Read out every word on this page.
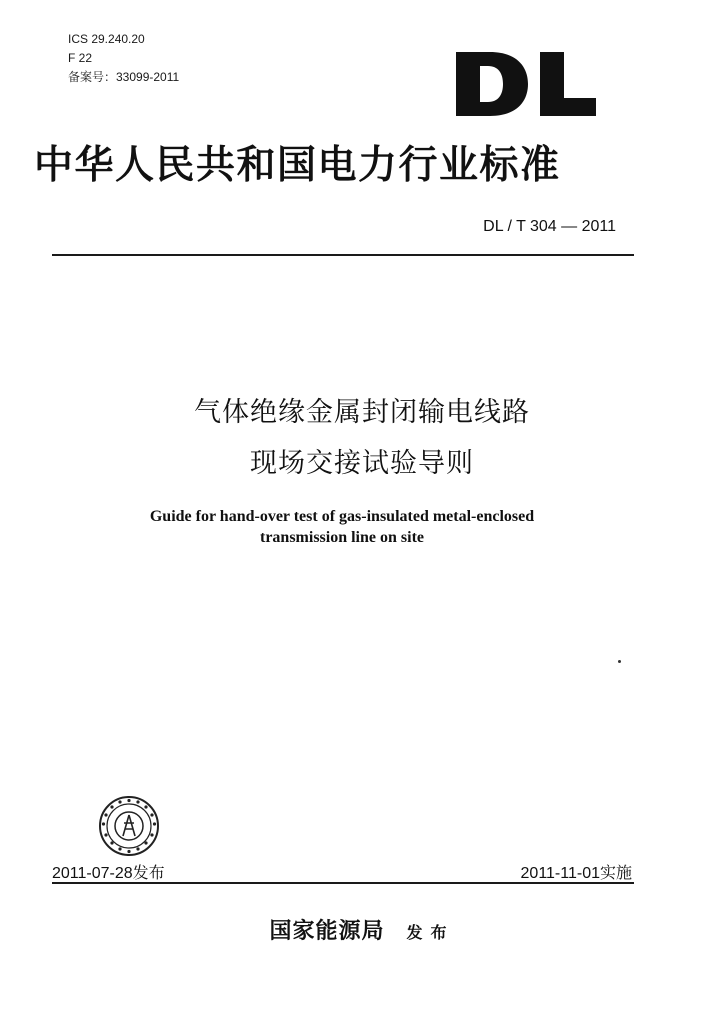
ICS 29.240.20
F 22
备案号：33099-2011
中华人民共和国电力行业标准
DL / T 304 — 2011
气体绝缘金属封闭输电线路
现场交接试验导则
Guide for hand-over test of gas-insulated metal-enclosed
transmission line on site
2011-07-28发布	2011-11-01实施
国家能源局 发布
